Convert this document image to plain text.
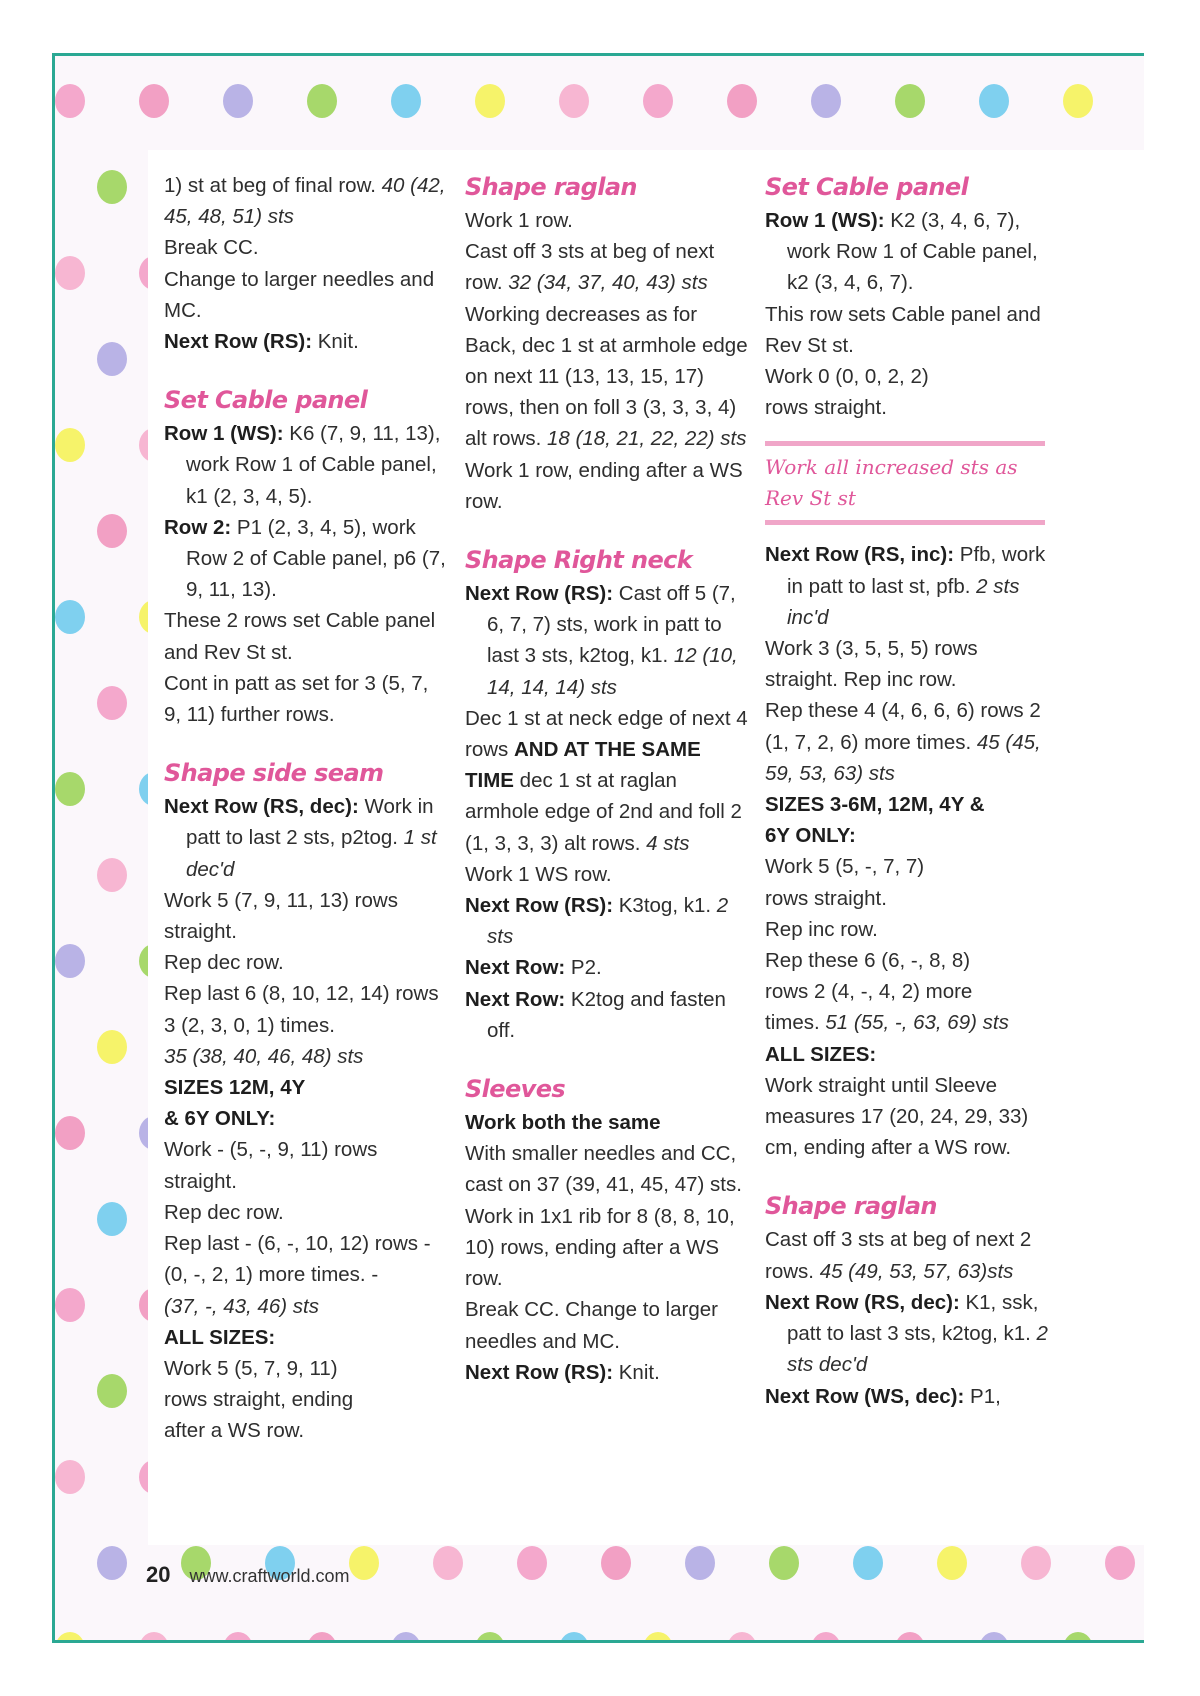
1) st at beg of final row. 40 (42, 45, 48, 51) sts

Break CC.

Change to larger needles and MC.

Next Row (RS): Knit.

Set Cable panel

Row 1 (WS): K6 (7, 9, 11, 13), work Row 1 of Cable panel, k1 (2, 3, 4, 5).

Row 2: P1 (2, 3, 4, 5), work Row 2 of Cable panel, p6 (7, 9, 11, 13).

These 2 rows set Cable panel and Rev St st.

Cont in patt as set for 3 (5, 7, 9, 11) further rows.

Shape side seam

Next Row (RS, dec): Work in patt to last 2 sts, p2tog. 1 st dec'd

Work 5 (7, 9, 11, 13) rows straight.

Rep dec row.

Rep last 6 (8, 10, 12, 14) rows 3 (2, 3, 0, 1) times.

35 (38, 40, 46, 48) sts

SIZES 12M, 4Y & 6Y ONLY:

Work - (5, -, 9, 11) rows straight.

Rep dec row.

Rep last - (6, -, 10, 12) rows - (0, -, 2, 1) more times. -

(37, -, 43, 46) sts

ALL SIZES:

Work 5 (5, 7, 9, 11) rows straight, ending after a WS row.

Shape raglan

Work 1 row.

Cast off 3 sts at beg of next row. 32 (34, 37, 40, 43) sts

Working decreases as for Back, dec 1 st at armhole edge on next 11 (13, 13, 15, 17) rows, then on foll 3 (3, 3, 3, 4) alt rows. 18 (18, 21, 22, 22) sts

Work 1 row, ending after a WS row.

Shape Right neck

Next Row (RS): Cast off 5 (7, 6, 7, 7) sts, work in patt to last 3 sts, k2tog, k1. 12 (10, 14, 14, 14) sts

Dec 1 st at neck edge of next 4 rows AND AT THE SAME TIME dec 1 st at raglan armhole edge of 2nd and foll 2 (1, 3, 3, 3) alt rows. 4 sts

Work 1 WS row.

Next Row (RS): K3tog, k1. 2 sts

Next Row: P2.

Next Row: K2tog and fasten off.

Sleeves

Work both the same

With smaller needles and CC, cast on 37 (39, 41, 45, 47) sts.

Work in 1x1 rib for 8 (8, 8, 10, 10) rows, ending after a WS row.

Break CC. Change to larger needles and MC.

Next Row (RS): Knit.

Set Cable panel

Row 1 (WS): K2 (3, 4, 6, 7), work Row 1 of Cable panel, k2 (3, 4, 6, 7).

This row sets Cable panel and Rev St st.

Work 0 (0, 0, 2, 2) rows straight.

Work all increased sts as Rev St st

Next Row (RS, inc): Pfb, work in patt to last st, pfb. 2 sts inc'd

Work 3 (3, 5, 5, 5) rows straight. Rep inc row.

Rep these 4 (4, 6, 6, 6) rows 2 (1, 7, 2, 6) more times. 45 (45, 59, 53, 63) sts

SIZES 3-6M, 12M, 4Y & 6Y ONLY:

Work 5 (5, -, 7, 7) rows straight.

Rep inc row.

Rep these 6 (6, -, 8, 8) rows 2 (4, -, 4, 2) more times. 51 (55, -, 63, 69) sts

ALL SIZES:

Work straight until Sleeve measures 17 (20, 24, 29, 33) cm, ending after a WS row.

Shape raglan

Cast off 3 sts at beg of next 2 rows. 45 (49, 53, 57, 63)sts

Next Row (RS, dec): K1, ssk, patt to last 3 sts, k2tog, k1. 2 sts dec'd

Next Row (WS, dec): P1,

20 www.craftworld.com
